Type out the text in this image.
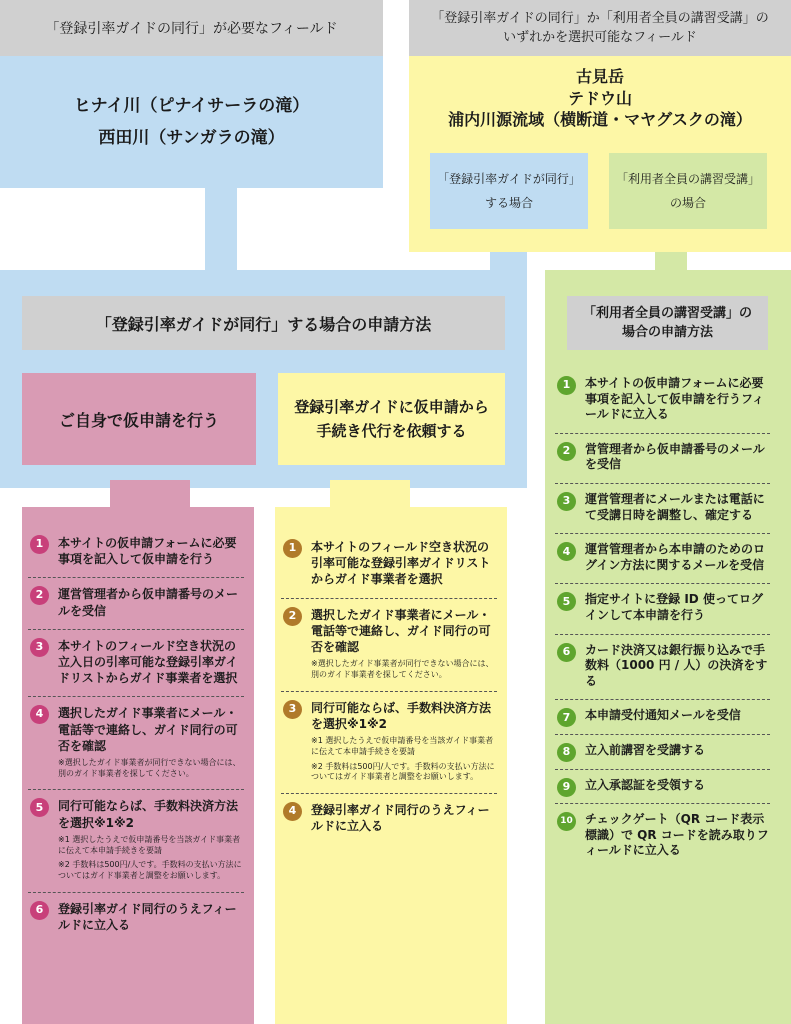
「登録引率ガイドの同行」が必要なフィールド
ヒナイ川（ピナイサーラの滝）
西田川（サンガラの滝）
「登録引率ガイドの同行」か「利用者全員の講習受講」の
いずれかを選択可能なフィールド
古見岳
テドウ山
浦内川源流域（横断道・マヤグスクの滝）
「登録引率ガイドが同行」
する場合
「利用者全員の講習受講」
の場合
「登録引率ガイドが同行」する場合の申請方法
ご自身で仮申請を行う
登録引率ガイドに仮申請から
手続き代行を依頼する
1	本サイトの仮申請フォームに必要事項を記入して仮申請を行う
2	運営管理者から仮申請番号のメールを受信
3	本サイトのフィールド空き状況の立入日の引率可能な登録引率ガイドリストからガイド事業者を選択
4	選択したガイド事業者にメール・電話等で連絡し、ガイド同行の可否を確認
※選択したガイド事業者が同行できない場合には、別のガイド事業者を探してください。
5	同行可能ならば、手数料決済方法を選択※1※2
※1 選択したうえで仮申請番号を当該ガイド事業者に伝えて本申請手続きを要請
※2 手数料は500円/人です。手数料の支払い方法についてはガイド事業者と調整をお願いします。
6	登録引率ガイド同行のうえフィールドに立入る
1	本サイトのフィールド空き状況の引率可能な登録引率ガイドリストからガイド事業者を選択
2	選択したガイド事業者にメール・電話等で連絡し、ガイド同行の可否を確認
※選択したガイド事業者が同行できない場合には、別のガイド事業者を探してください。
3	同行可能ならば、手数料決済方法を選択※1※2
※1 選択したうえで仮申請番号を当該ガイド事業者に伝えて本申請手続きを要請
※2 手数料は500円/人です。手数料の支払い方法についてはガイド事業者と調整をお願いします。
4	登録引率ガイド同行のうえフィールドに立入る
「利用者全員の講習受講」の
場合の申請方法
1	本サイトの仮申請フォームに必要事項を記入して仮申請を行うフィールドに立入る
2	営管理者から仮申請番号のメールを受信
3	運営管理者にメールまたは電話にて受講日時を調整し、確定する
4	運営管理者から本申請のためのログイン方法に関するメールを受信
5	指定サイトに登録 ID 使ってログインして本申請を行う
6	カード決済又は銀行振り込みで手数料（1000 円 / 人）の決済をする
7	本申請受付通知メールを受信
8	立入前講習を受講する
9	立入承認証を受領する
10 チェックゲート（QR コード表示標識）で QR コードを読み取りフィールドに立入る
